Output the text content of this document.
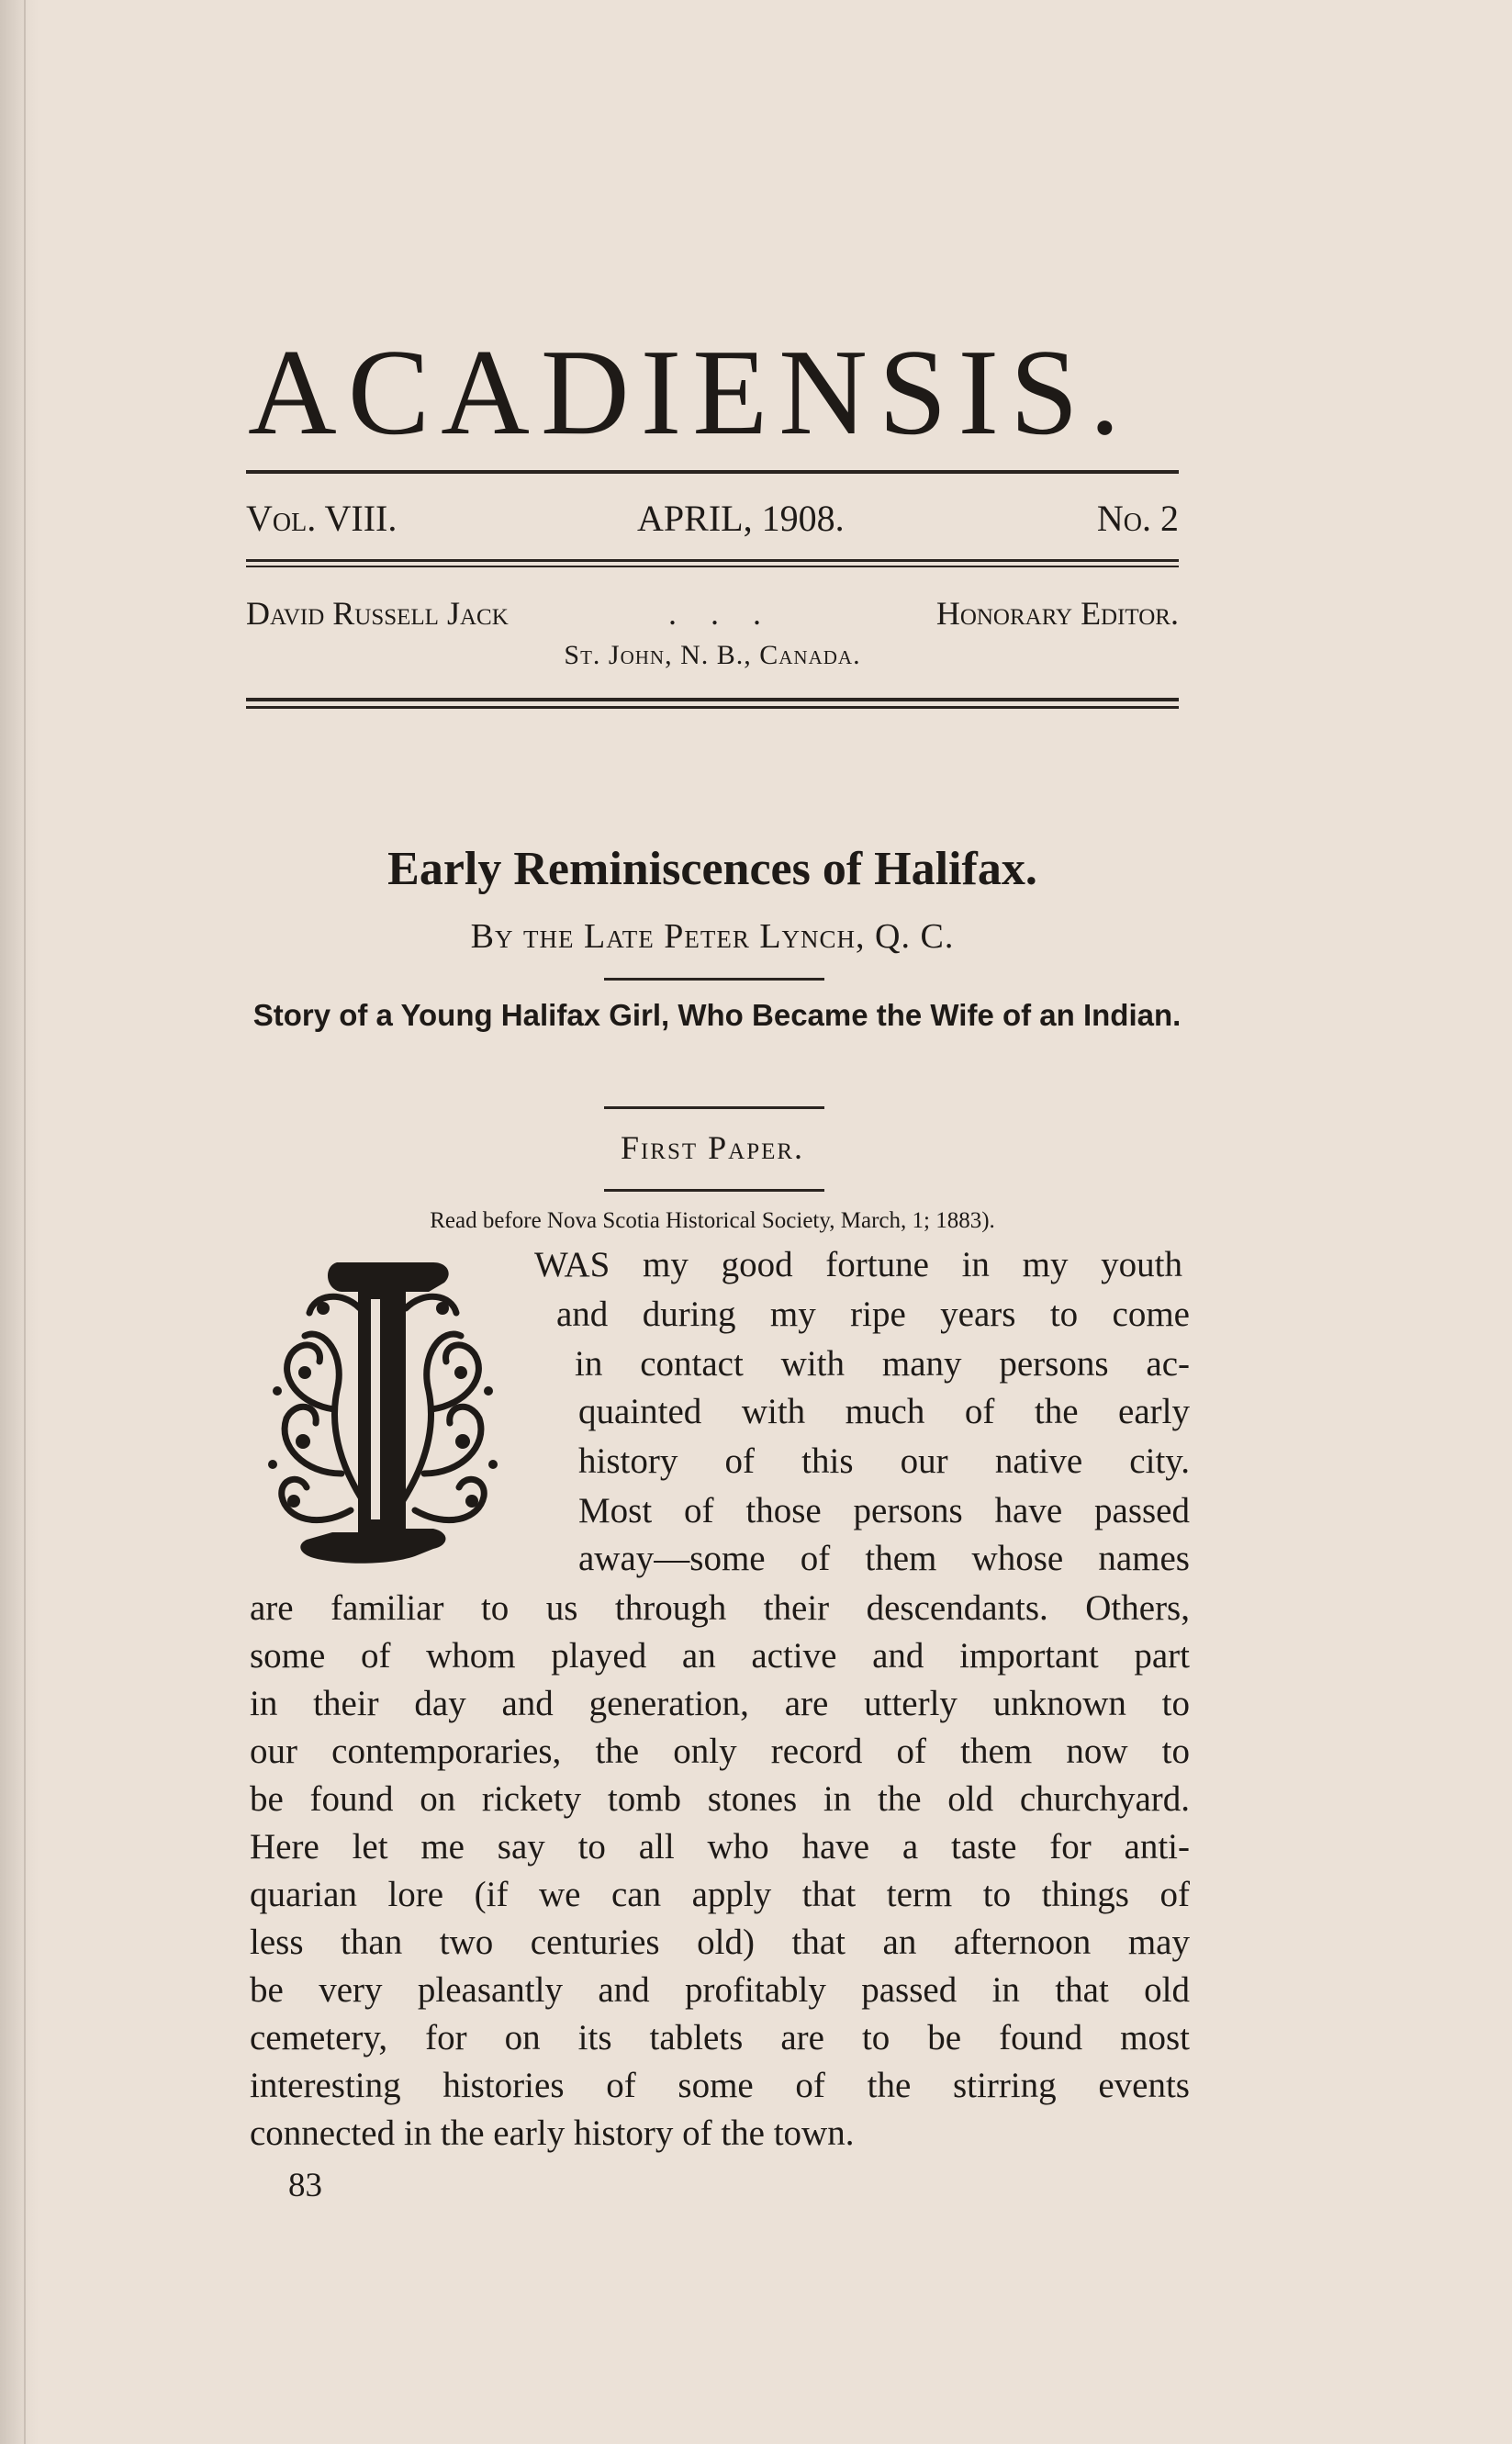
ACADIENSIS.
Vol. VIII.	APRIL, 1908.	No. 2
David Russell Jack	. . .	Honorary Editor.
St. John, N. B., Canada.
Early Reminiscences of Halifax.
By the Late Peter Lynch, Q. C.
Story of a Young Halifax Girl, Who Became the Wife of an Indian.
First Paper.
Read before Nova Scotia Historical Society, March, 1; 1883).
WAS my good fortune in my youth
and during my ripe years to come
in contact with many persons ac-
quainted with much of the early
history of this our native city.
Most of those persons have passed
away—some of them whose names
are familiar to us through their descendants. Others,
some of whom played an active and important part
in their day and generation, are utterly unknown to
our contemporaries, the only record of them now to
be found on rickety tomb stones in the old churchyard.
Here let me say to all who have a taste for anti-
quarian lore (if we can apply that term to things of
less than two centuries old) that an afternoon may
be very pleasantly and profitably passed in that old
cemetery, for on its tablets are to be found most
interesting histories of some of the stirring events
connected in the early history of the town.
83
